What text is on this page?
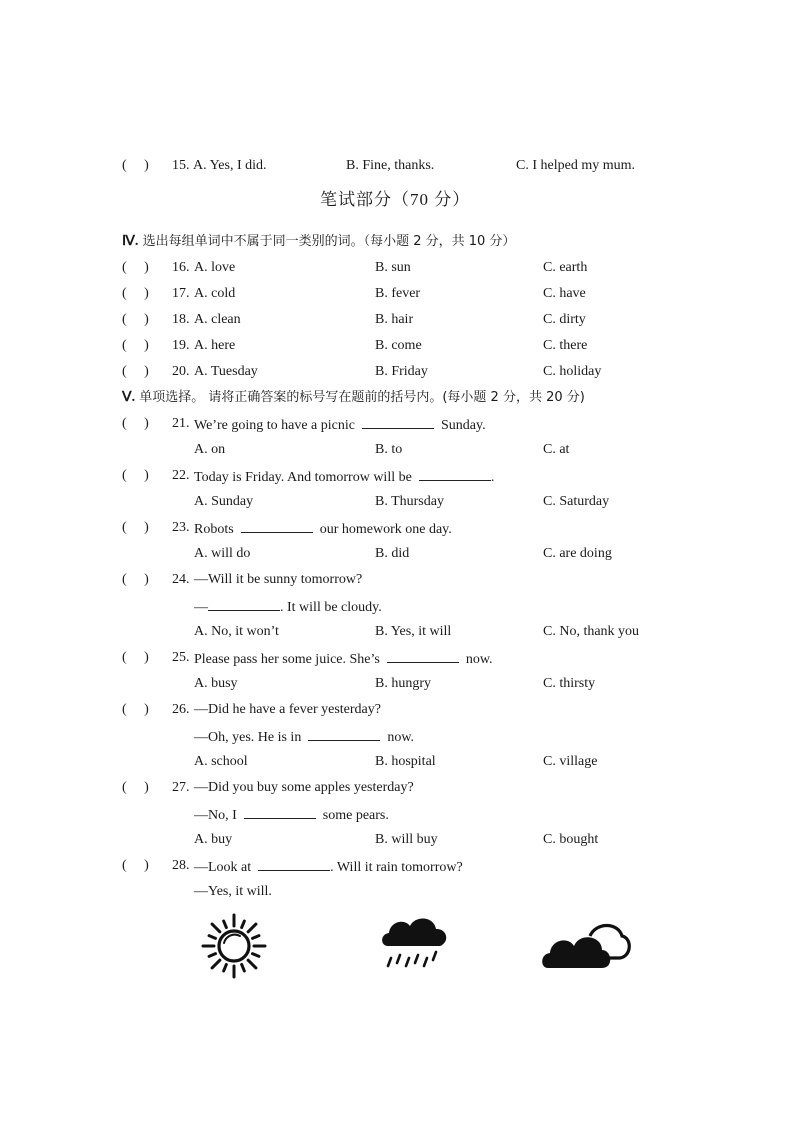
( ) 15. A. Yes, I did.	B. Fine, thanks.	C. I helped my mum.
笔试部分（70 分）
Ⅳ. 选出每组单词中不属于同一类别的词。（每小题 2 分，共 10 分）
(     ) 16. A. love	B. sun	C. earth
(     ) 17. A. cold	B. fever	C. have
(     ) 18. A. clean	B. hair	C. dirty
(     ) 19. A. here	B. come	C. there
(     ) 20. A. Tuesday	B. Friday	C. holiday
Ⅴ. 单项选择。 请将正确答案的标号写在题前的括号内。(每小题 2 分，共 20 分)
(     ) 21. We’re going to have a picnic	Sunday.
A. on	B. to	C. at
(     ) 22. Today is Friday. And tomorrow will be	.
A. Sunday	B. Thursday	C. Saturday
(     ) 23. Robots	our homework one day.
A. will do	B. did	C. are doing
(     ) 24. —Will it be sunny tomorrow?
—	. It will be cloudy.
A. No, it won’t	B. Yes, it will	C. No, thank you
(     ) 25. Please pass her some juice. She’s	now.
A. busy	B. hungry	C. thirsty
(     ) 26. —Did he have a fever yesterday?
—Oh, yes. He is in	now.
A. school	B. hospital	C. village
(     ) 27. —Did you buy some apples yesterday?
—No, I	some pears.
A. buy	B. will buy	C. bought
(     ) 28. —Look at	. Will it rain tomorrow?
—Yes, it will.
